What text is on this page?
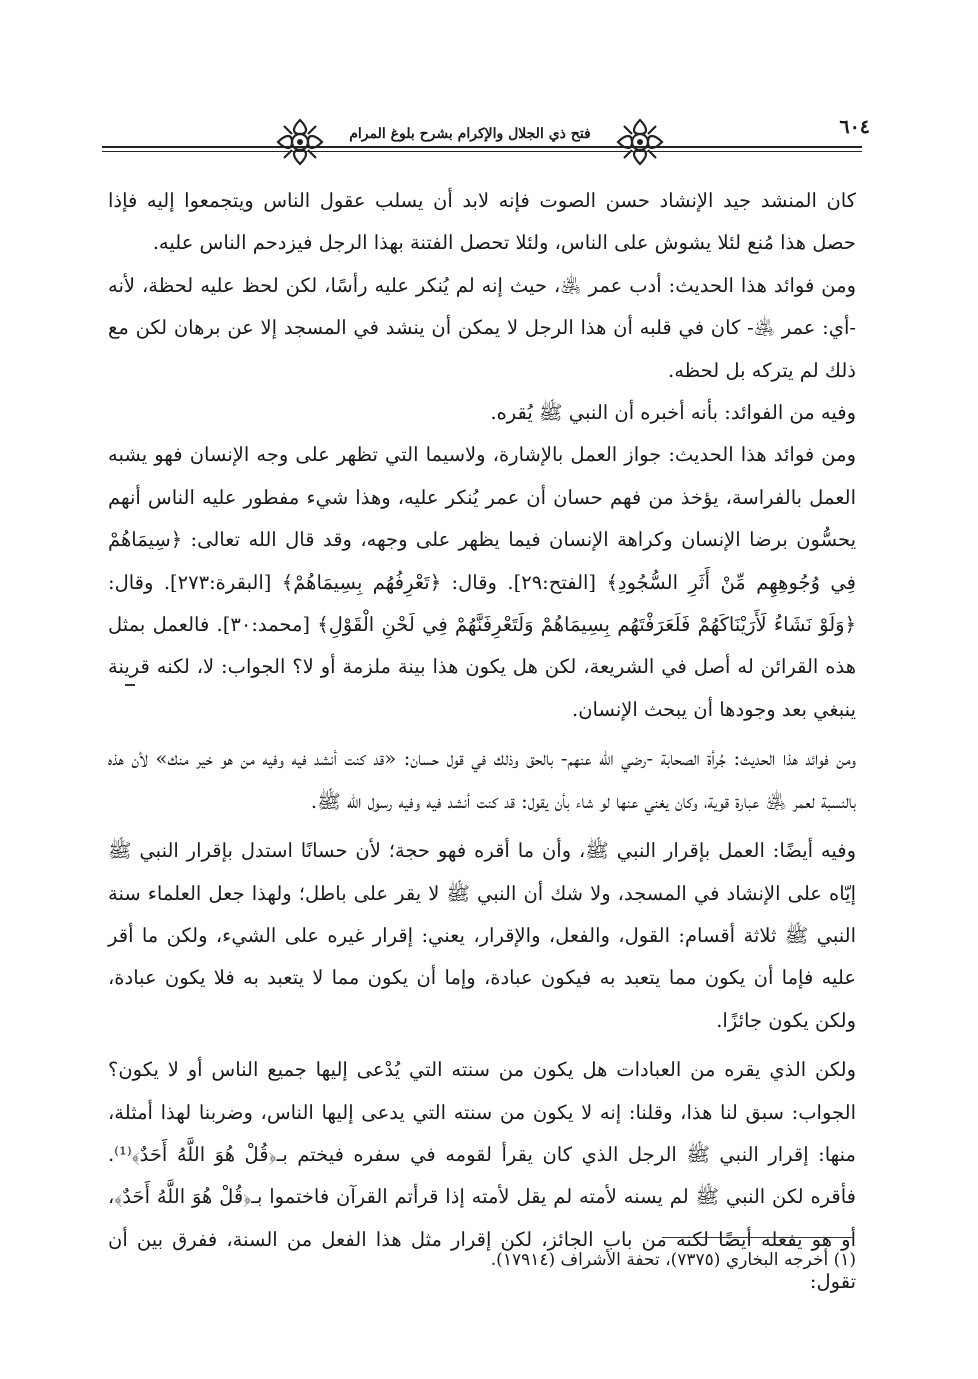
فتح ذي الجلال والإكرام بشرح بلوغ المرام	٦٠٤

كان المنشد جيد الإنشاد حسن الصوت فإنه لابد أن يسلب عقول الناس ويتجمعوا إليه فإذا حصل هذا مُنع لئلا يشوش على الناس، ولئلا تحصل الفتنة بهذا الرجل فيزدحم الناس عليه.

ومن فوائد هذا الحديث: أدب عمر ﵁، حيث إنه لم يُنكر عليه رأسًا، لكن لحظ عليه لحظة، لأنه -أي: عمر ﵁- كان في قلبه أن هذا الرجل لا يمكن أن ينشد في المسجد إلا عن برهان لكن مع ذلك لم يتركه بل لحظه.

وفيه من الفوائد: بأنه أخبره أن النبي ﷺ يُقره.

ومن فوائد هذا الحديث: جواز العمل بالإشارة، ولاسيما التي تظهر على وجه الإنسان فهو يشبه العمل بالفراسة، يؤخذ من فهم حسان أن عمر يُنكر عليه، وهذا شيء مفطور عليه الناس أنهم يحسُّون برضا الإنسان وكراهة الإنسان فيما يظهر على وجهه، وقد قال الله تعالى: ﴿سِيمَاهُمْ فِي وُجُوهِهِم مِّنْ أَثَرِ السُّجُودِ﴾ [الفتح:٢٩]. وقال: ﴿تَعْرِفُهُم بِسِيمَاهُمْ﴾ [البقرة:٢٧٣]. وقال: ﴿وَلَوْ نَشَاءُ لَأَرَيْنَاكَهُمْ فَلَعَرَفْتَهُم بِسِيمَاهُمْ وَلَتَعْرِفَنَّهُمْ فِي لَحْنِ الْقَوْلِ﴾ [محمد:٣٠]. فالعمل بمثل هذه القرائن له أصل في الشريعة، لكن هل يكون هذا بينة ملزمة أو لا؟ الجواب: لا، لكنه قرينة ينبغي بعد وجودها أن يبحث الإنسان.

ومن فوائد هذا الحديث: جُرأة الصحابة -رضي الله عنهم- بالحق وذلك في قول حسان: «قد كنت أنشد فيه وفيه من هو خير منك» لأن هذه بالنسبة لعمر ﵁ عبارة قوية، وكان يغني عنها لو شاء بأن يقول: قد كنت أنشد فيه وفيه رسول الله ﷺ.

وفيه أيضًا: العمل بإقرار النبي ﷺ، وأن ما أقره فهو حجة؛ لأن حسانًا استدل بإقرار النبي ﷺ إيّاه على الإنشاد في المسجد، ولا شك أن النبي ﷺ لا يقر على باطل؛ ولهذا جعل العلماء سنة النبي ﷺ ثلاثة أقسام: القول، والفعل، والإقرار، يعني: إقرار غيره على الشيء، ولكن ما أقر عليه فإما أن يكون مما يتعبد به فيكون عبادة، وإما أن يكون مما لا يتعبد به فلا يكون عبادة، ولكن يكون جائزًا.

ولكن الذي يقره من العبادات هل يكون من سنته التي يُدْعى إليها جميع الناس أو لا يكون؟ الجواب: سبق لنا هذا، وقلنا: إنه لا يكون من سنته التي يدعى إليها الناس، وضربنا لهذا أمثلة، منها: إقرار النبي ﷺ الرجل الذي كان يقرأ لقومه في سفره فيختم بـ﴿قُلْ هُوَ اللَّهُ أَحَدٌ﴾⁽¹⁾. فأقره لكن النبي ﷺ لم يسنه لأمته لم يقل لأمته إذا قرأتم القرآن فاختموا بـ﴿قُلْ هُوَ اللَّهُ أَحَدٌ﴾، أو هو يفعله أيضًا لكنه من باب الجائز، لكن إقرار مثل هذا الفعل من السنة، ففرق بين أن تقول:

(١) أخرجه البخاري (٧٣٧٥)، تحفة الأشراف (١٧٩١٤).
